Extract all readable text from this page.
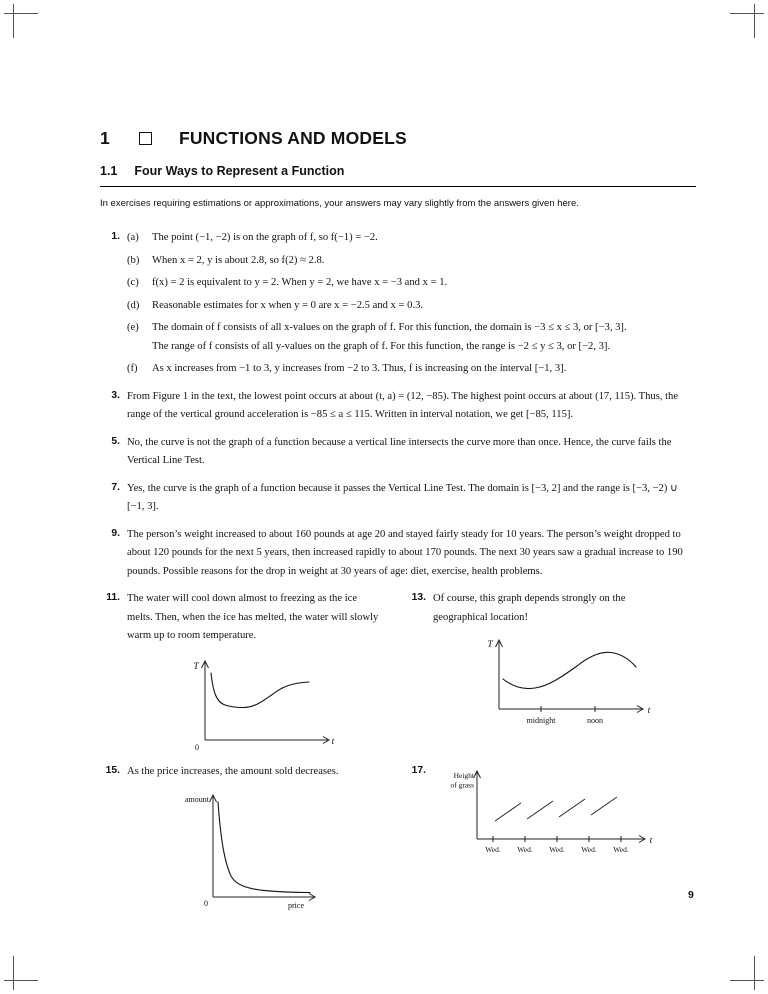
1	FUNCTIONS AND MODELS
1.1 Four Ways to Represent a Function
In exercises requiring estimations or approximations, your answers may vary slightly from the answers given here.
1. (a)	The point (−1, −2) is on the graph of f, so f(−1) = −2.
(b)	When x = 2, y is about 2.8, so f(2) ≈ 2.8.
(c)	f(x) = 2 is equivalent to y = 2. When y = 2, we have x = −3 and x = 1.
(d)	Reasonable estimates for x when y = 0 are x = −2.5 and x = 0.3.
(e)	The domain of f consists of all x-values on the graph of f. For this function, the domain is −3 ≤ x ≤ 3, or [−3, 3].
The range of f consists of all y-values on the graph of f. For this function, the range is −2 ≤ y ≤ 3, or [−2, 3].
(f)	As x increases from −1 to 3, y increases from −2 to 3. Thus, f is increasing on the interval [−1, 3].
3. From Figure 1 in the text, the lowest point occurs at about (t, a) = (12, −85). The highest point occurs at about (17, 115). Thus, the range of the vertical ground acceleration is −85 ≤ a ≤ 115. Written in interval notation, we get [−85, 115].
5. No, the curve is not the graph of a function because a vertical line intersects the curve more than once. Hence, the curve fails the Vertical Line Test.
7. Yes, the curve is the graph of a function because it passes the Vertical Line Test. The domain is [−3, 2] and the range is [−3, −2) ∪ [−1, 3].
9. The person’s weight increased to about 160 pounds at age 20 and stayed fairly steady for 10 years. The person’s weight dropped to about 120 pounds for the next 5 years, then increased rapidly to about 170 pounds. The next 30 years saw a gradual increase to 190 pounds. Possible reasons for the drop in weight at 30 years of age: diet, exercise, health problems.
11. The water will cool down almost to freezing as the ice melts. Then, when the ice has melted, the water will slowly warm up to room temperature.
T
t
0
13. Of course, this graph depends strongly on the geographical location!
T
t
midnight	noon
15. As the price increases, the amount sold decreases.
amount
0	price
17.	Height
of grass
t
Wed. Wed. Wed. Wed. Wed.
9
